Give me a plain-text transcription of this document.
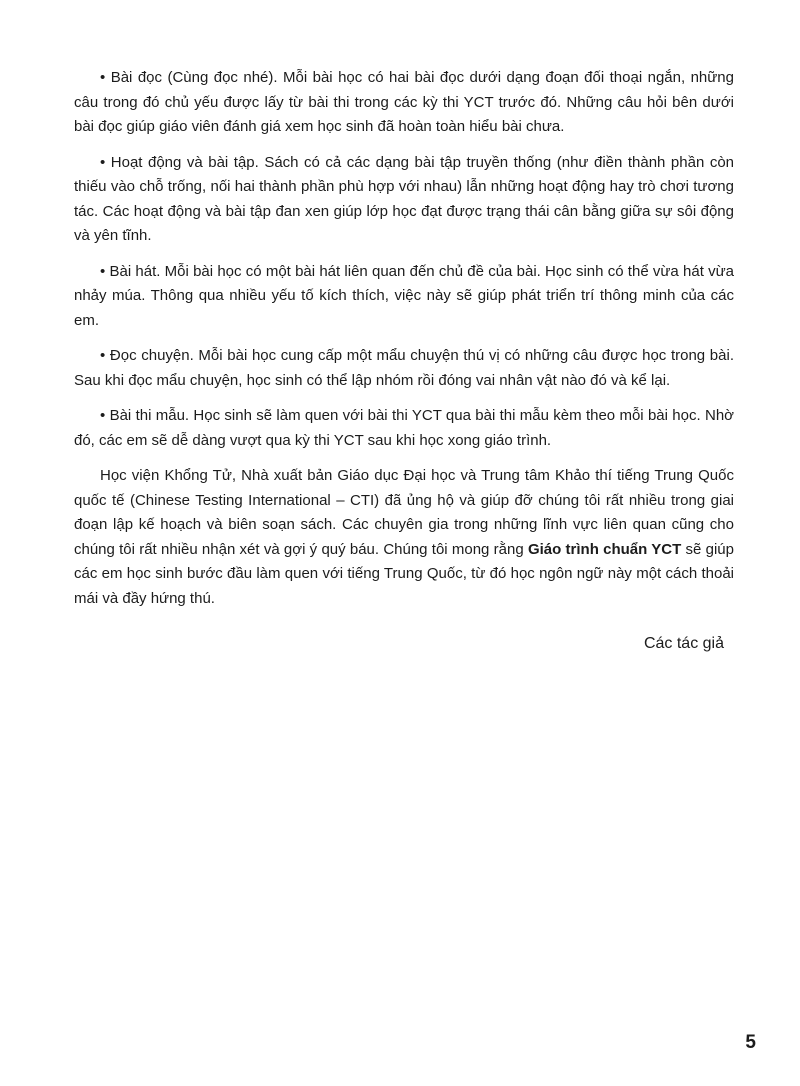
• Bài đọc (Cùng đọc nhé). Mỗi bài học có hai bài đọc dưới dạng đoạn đối thoại ngắn, những câu trong đó chủ yếu được lấy từ bài thi trong các kỳ thi YCT trước đó. Những câu hỏi bên dưới bài đọc giúp giáo viên đánh giá xem học sinh đã hoàn toàn hiểu bài chưa.

• Hoạt động và bài tập. Sách có cả các dạng bài tập truyền thống (như điền thành phần còn thiếu vào chỗ trống, nối hai thành phần phù hợp với nhau) lẫn những hoạt động hay trò chơi tương tác. Các hoạt động và bài tập đan xen giúp lớp học đạt được trạng thái cân bằng giữa sự sôi động và yên tĩnh.

• Bài hát. Mỗi bài học có một bài hát liên quan đến chủ đề của bài. Học sinh có thể vừa hát vừa nhảy múa. Thông qua nhiều yếu tố kích thích, việc này sẽ giúp phát triển trí thông minh của các em.

• Đọc chuyện. Mỗi bài học cung cấp một mẩu chuyện thú vị có những câu được học trong bài. Sau khi đọc mẩu chuyện, học sinh có thể lập nhóm rồi đóng vai nhân vật nào đó và kể lại.

• Bài thi mẫu. Học sinh sẽ làm quen với bài thi YCT qua bài thi mẫu kèm theo mỗi bài học. Nhờ đó, các em sẽ dễ dàng vượt qua kỳ thi YCT sau khi học xong giáo trình.

Học viện Khổng Tử, Nhà xuất bản Giáo dục Đại học và Trung tâm Khảo thí tiếng Trung Quốc quốc tế (Chinese Testing International – CTI) đã ủng hộ và giúp đỡ chúng tôi rất nhiều trong giai đoạn lập kế hoạch và biên soạn sách. Các chuyên gia trong những lĩnh vực liên quan cũng cho chúng tôi rất nhiều nhận xét và gợi ý quý báu. Chúng tôi mong rằng Giáo trình chuẩn YCT sẽ giúp các em học sinh bước đầu làm quen với tiếng Trung Quốc, từ đó học ngôn ngữ này một cách thoải mái và đầy hứng thú.

Các tác giả
5
